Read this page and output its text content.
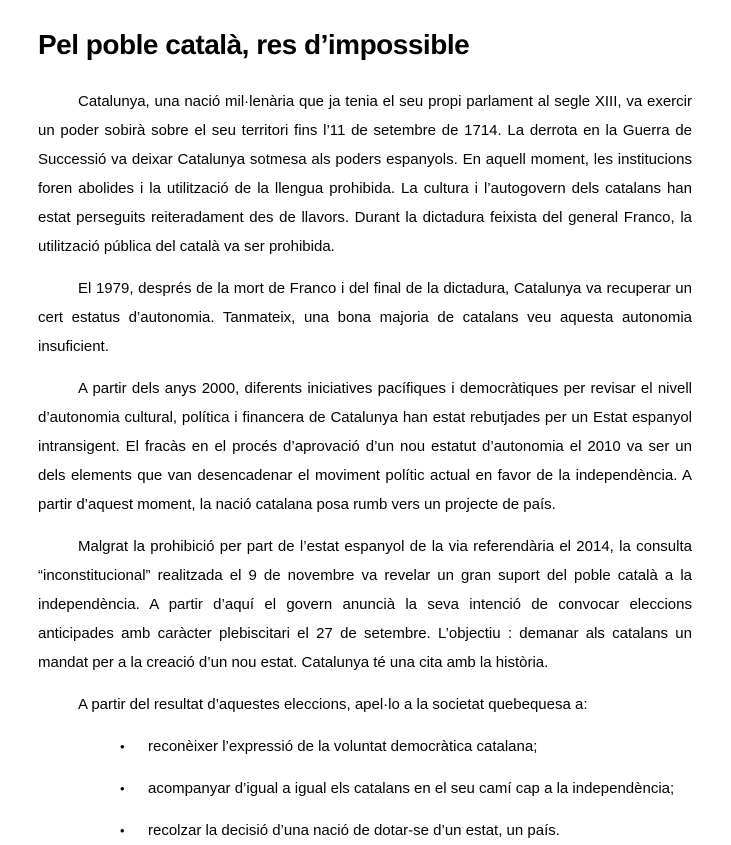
Pel poble català, res d’impossible

Catalunya, una nació mil·lenària que ja tenia el seu propi parlament al segle XIII, va exercir un poder sobirà sobre el seu territori fins l’11 de setembre de 1714. La derrota en la Guerra de Successió va deixar Catalunya sotmesa als poders espanyols. En aquell moment, les institucions foren abolides i la utilització de la llengua prohibida. La cultura i l’autogovern dels catalans han estat perseguits reiteradament des de llavors. Durant la dictadura feixista del general Franco, la utilització pública del català va ser prohibida.

El 1979, després de la mort de Franco i del final de la dictadura, Catalunya va recuperar un cert estatus d’autonomia. Tanmateix, una bona majoria de catalans veu aquesta autonomia insuficient.

A partir dels anys 2000, diferents iniciatives pacífiques i democràtiques per revisar el nivell d’autonomia cultural, política i financera de Catalunya han estat rebutjades per un Estat espanyol intransigent. El fracàs en el procés d’aprovació d’un nou estatut d’autonomia el 2010 va ser un dels elements que van desencadenar el moviment polític actual en favor de la independència. A partir d’aquest moment, la nació catalana posa rumb vers un projecte de país.

Malgrat la prohibició per part de l’estat espanyol de la via referendària el 2014, la consulta “inconstitucional” realitzada el 9 de novembre va revelar un gran suport del poble català a la independència. A partir d’aquí el govern anuncià la seva intenció de convocar eleccions anticipades amb caràcter plebiscitari el 27 de setembre. L’objectiu : demanar als catalans un mandat per a la creació d’un nou estat. Catalunya té una cita amb la història.

A partir del resultat d’aquestes eleccions, apel·lo a la societat quebequesa a:

•	reconèixer l’expressió de la voluntat democràtica catalana;
•	acompanyar d’igual a igual els catalans en el seu camí cap a la independència;
•	recolzar la decisió d’una nació de dotar-se d’un estat, un país.
